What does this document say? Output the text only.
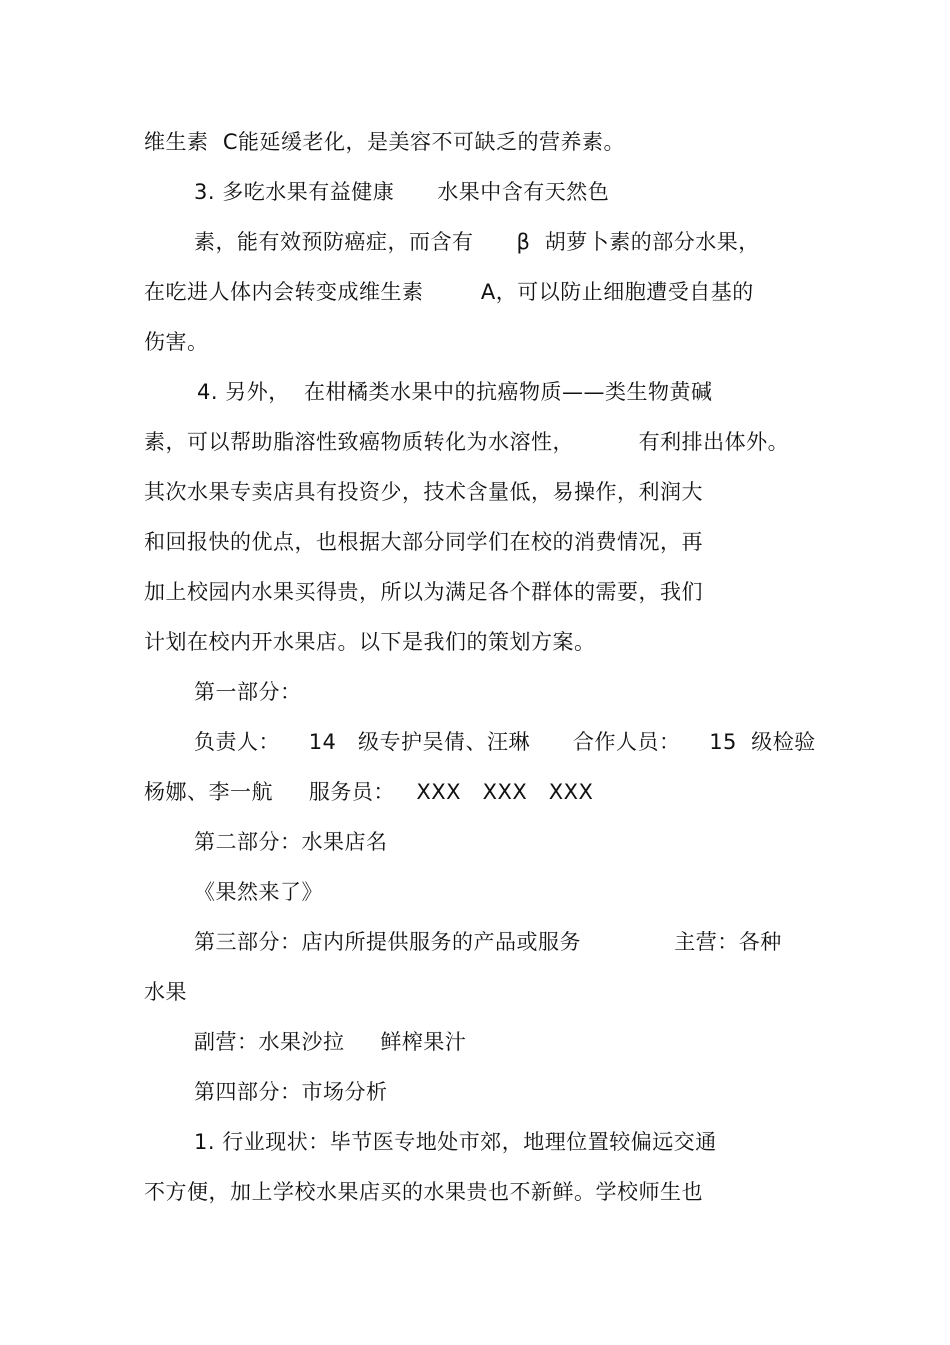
维生素  C能延缓老化，是美容不可缺乏的营养素。
3. 多吃水果有益健康      水果中含有天然色
素，能有效预防癌症，而含有      β  胡萝卜素的部分水果，
在吃进人体内会转变成维生素        A，可以防止细胞遭受自基的
伤害。
4. 另外，  在柑橘类水果中的抗癌物质——类生物黄碱
素，可以帮助脂溶性致癌物质转化为水溶性，         有利排出体外。
其次水果专卖店具有投资少，技术含量低，易操作，利润大
和回报快的优点，也根据大部分同学们在校的消费情况，再
加上校园内水果买得贵，所以为满足各个群体的需要，我们
计划在校内开水果店。以下是我们的策划方案。
第一部分：
负责人：    14   级专护吴倩、汪琳      合作人员：    15  级检验
杨娜、李一航     服务员：   XXX   XXX   XXX
第二部分：水果店名
《果然来了》
第三部分：店内所提供服务的产品或服务             主营：各种
水果
副营：水果沙拉     鲜榨果汁
第四部分：市场分析
1. 行业现状：毕节医专地处市郊，地理位置较偏远交通
不方便，加上学校水果店买的水果贵也不新鲜。学校师生也
